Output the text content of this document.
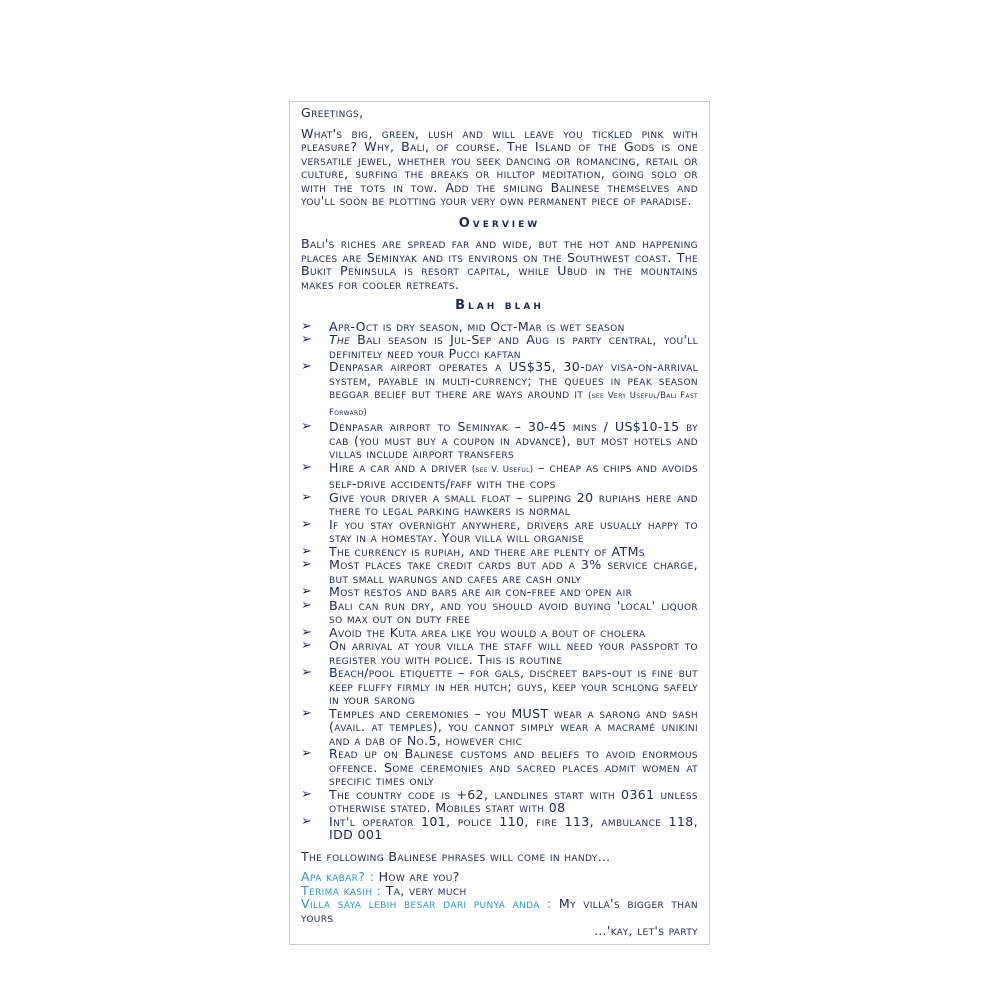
Greetings,

What's big, green, lush and will leave you tickled pink with pleasure? Why, Bali, of course. The Island of the Gods is one versatile jewel, whether you seek dancing or romancing, retail or culture, surfing the breaks or hilltop meditation, going solo or with the tots in tow. Add the smiling Balinese themselves and you'll soon be plotting your very own permanent piece of paradise.

Overview

Bali's riches are spread far and wide, but the hot and happening places are Seminyak and its environs on the Southwest coast. The Bukit Peninsula is resort capital, while Ubud in the mountains makes for cooler retreats.

Blah blah
➢ Apr-Oct is dry season, mid Oct-Mar is wet season
➢ The Bali season is Jul-Sep and Aug is party central, you'll definitely need your Pucci kaftan
➢ Denpasar airport operates a US$35, 30-day visa-on-arrival system, payable in multi-currency; the queues in peak season beggar belief but there are ways around it (see Very Useful/Bali Fast Forward)
➢ Denpasar airport to Seminyak – 30-45 mins / US$10-15 by cab (you must buy a coupon in advance), but most hotels and villas include airport transfers
➢ Hire a car and a driver (see V. Useful) – cheap as chips and avoids self-drive accidents/faff with the cops
➢ Give your driver a small float – slipping 20 rupiahs here and there to legal parking hawkers is normal
➢ If you stay overnight anywhere, drivers are usually happy to stay in a homestay. Your villa will organise
➢ The currency is rupiah, and there are plenty of ATMs
➢ Most places take credit cards but add a 3% service charge, but small warungs and cafes are cash only
➢ Most restos and bars are air con-free and open air
➢ Bali can run dry, and you should avoid buying 'local' liquor so max out on duty free
➢ Avoid the Kuta area like you would a bout of cholera
➢ On arrival at your villa the staff will need your passport to register you with police. This is routine
➢ Beach/pool etiquette – for gals, discreet baps-out is fine but keep fluffy firmly in her hutch; guys, keep your schlong safely in your sarong
➢ Temples and ceremonies – you MUST wear a sarong and sash (avail. at temples), you cannot simply wear a macramé unikini and a dab of No.5, however chic
➢ Read up on Balinese customs and beliefs to avoid enormous offence. Some ceremonies and sacred places admit women at specific times only
➢ The country code is +62, landlines start with 0361 unless otherwise stated. Mobiles start with 08
➢ Int'l operator 101, police 110, fire 113, ambulance 118, IDD 001

The following Balinese phrases will come in handy…

Apa kabar? : How are you?

Terima kasih : Ta, very much

Villa saya lebih besar dari punya anda : My villa's bigger than yours

…'kay, let's party
